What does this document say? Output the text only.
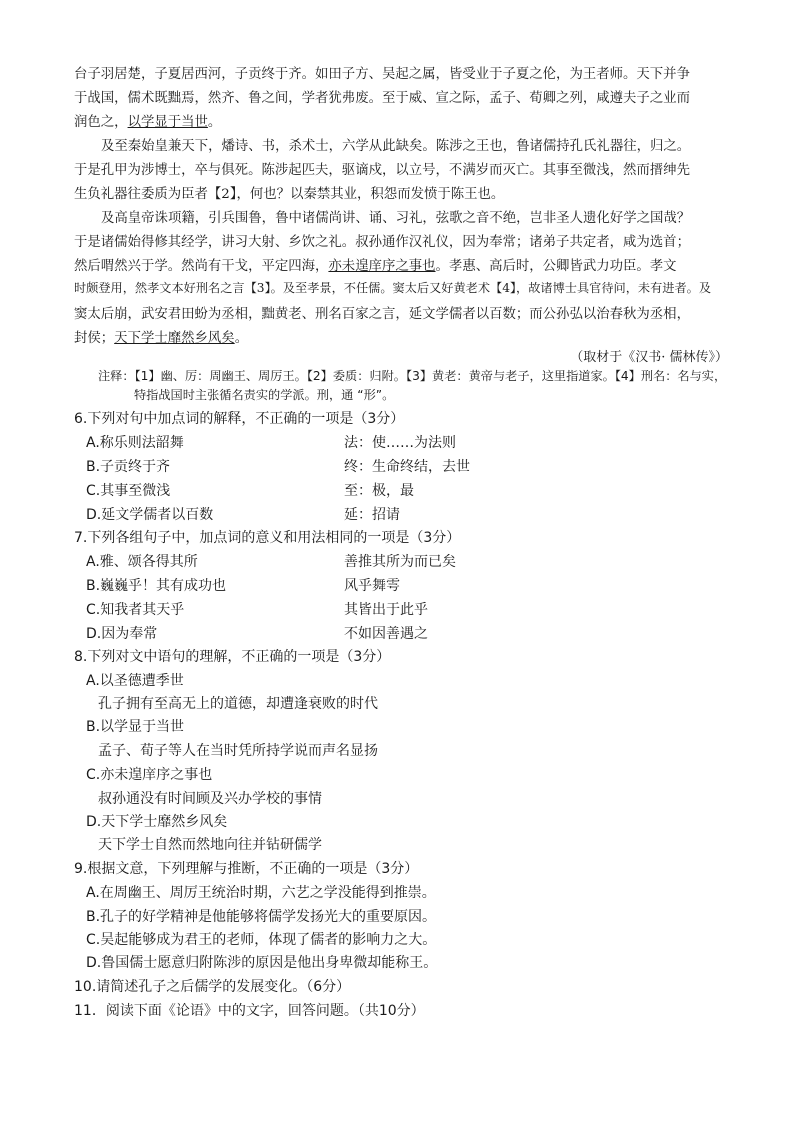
台子羽居楚，子夏居西河，子贡终于齐。如田子方、吴起之属，皆受业于子夏之伦，为王者师。天下并争
于战国，儒术既黜焉，然齐、鲁之间，学者犹弗废。至于威、宣之际，孟子、荀卿之列，咸遵夫子之业而
润色之，以学显于当世。
及至秦始皇兼天下，燔诗、书，杀术士，六学从此缺矣。陈涉之王也，鲁诸儒持孔氏礼器往，归之。
于是孔甲为涉博士，卒与俱死。陈涉起匹夫，驱谪戍，以立号，不满岁而灭亡。其事至微浅，然而搢绅先
生负礼器往委质为臣者【2】，何也？以秦禁其业，积怨而发愤于陈王也。
及高皇帝诛项籍，引兵围鲁，鲁中诸儒尚讲、诵、习礼，弦歌之音不绝，岂非圣人遗化好学之国哉？
于是诸儒始得修其经学，讲习大射、乡饮之礼。叔孙通作汉礼仪，因为奉常；诸弟子共定者，咸为选首；
然后喟然兴于学。然尚有干戈，平定四海，亦未遑庠序之事也。孝惠、高后时，公卿皆武力功臣。孝文
时颇登用，然孝文本好刑名之言【3】。及至孝景，不任儒。窦太后又好黄老术【4】，故诸博士具官待问，未有进者。及
窦太后崩，武安君田蚡为丞相，黜黄老、刑名百家之言，延文学儒者以百数；而公孙弘以治春秋为丞相，
封侯；天下学士靡然乡风矣。
（取材于《汉书· 儒林传》）
注释：【1】幽、厉：周幽王、周厉王。【2】委质：归附。【3】黄老：黄帝与老子，这里指道家。【4】刑名：名与实，
特指战国时主张循名责实的学派。刑，通 “形”。
6.下列对句中加点词的解释，不正确的一项是（3分）
A.称乐则法韶舞	法：使……为法则
B.子贡终于齐	终：生命终结，去世
C.其事至微浅	至：极，最
D.延文学儒者以百数	延：招请
7.下列各组句子中，加点词的意义和用法相同的一项是（3分）
A.雅、颂各得其所	善推其所为而已矣
B.巍巍乎！其有成功也	风乎舞雩
C.知我者其天乎	其皆出于此乎
D.因为奉常	不如因善遇之
8.下列对文中语句的理解，不正确的一项是（3分）
A.以圣德遭季世
孔子拥有至高无上的道德，却遭逢衰败的时代
B.以学显于当世
孟子、荀子等人在当时凭所持学说而声名显扬
C.亦未遑庠序之事也
叔孙通没有时间顾及兴办学校的事情
D.天下学士靡然乡风矣
天下学士自然而然地向往并钻研儒学
9.根据文意，下列理解与推断，不正确的一项是（3分）
A.在周幽王、周厉王统治时期，六艺之学没能得到推崇。
B.孔子的好学精神是他能够将儒学发扬光大的重要原因。
C.吴起能够成为君王的老师，体现了儒者的影响力之大。
D.鲁国儒士愿意归附陈涉的原因是他出身卑微却能称王。
10.请简述孔子之后儒学的发展变化。（6分）
11．阅读下面《论语》中的文字，回答问题。（共10分）
